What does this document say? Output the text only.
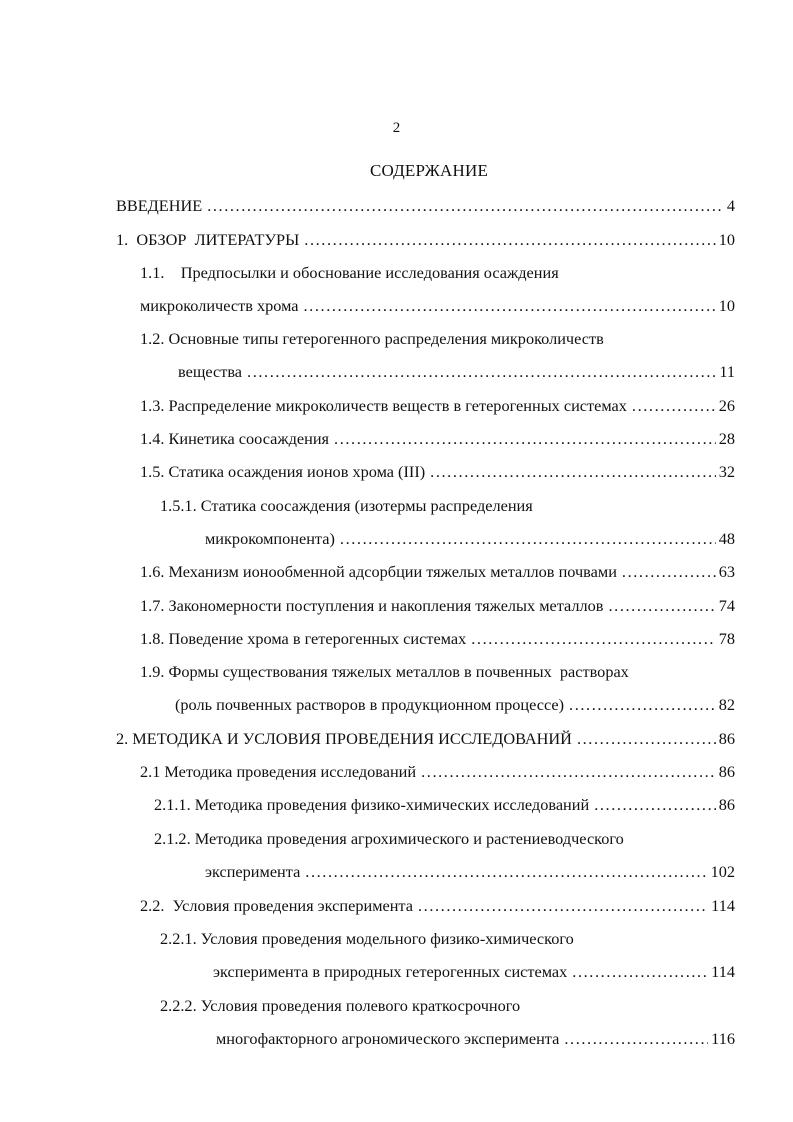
2
СОДЕРЖАНИЕ
ВВЕДЕНИЕ .....	4
1.  ОБЗОР  ЛИТЕРАТУРЫ .....	10
1.1.    Предпосылки и обоснование исследования осаждения
микроколичеств хрома .....	10
1.2. Основные типы гетерогенного распределения микроколичеств
вещества .....	11
1.3. Распределение микроколичеств веществ в гетерогенных системах .....	26
1.4. Кинетика соосаждения .....	28
1.5. Статика осаждения ионов хрома (III) .....	32
1.5.1. Статика соосаждения (изотермы распределения
микрокомпонента) .....	48
1.6. Механизм ионообменной адсорбции тяжелых металлов почвами .....	63
1.7. Закономерности поступления и накопления тяжелых металлов .....	74
1.8. Поведение хрома в гетерогенных системах .....	78
1.9. Формы существования тяжелых металлов в почвенных  растворах
(роль почвенных растворов в продукционном процессе) .....	82
2. МЕТОДИКА И УСЛОВИЯ ПРОВЕДЕНИЯ ИССЛЕДОВАНИЙ .....	86
2.1 Методика проведения исследований .....	86
2.1.1. Методика проведения физико-химических исследований .....	86
2.1.2. Методика проведения агрохимического и растениеводческого
эксперимента .....	102
2.2.  Условия проведения эксперимента .....	114
2.2.1. Условия проведения модельного физико-химического
эксперимента в природных гетерогенных системах .....	114
2.2.2. Условия проведения полевого краткосрочного
многофакторного агрономического эксперимента .....	116
